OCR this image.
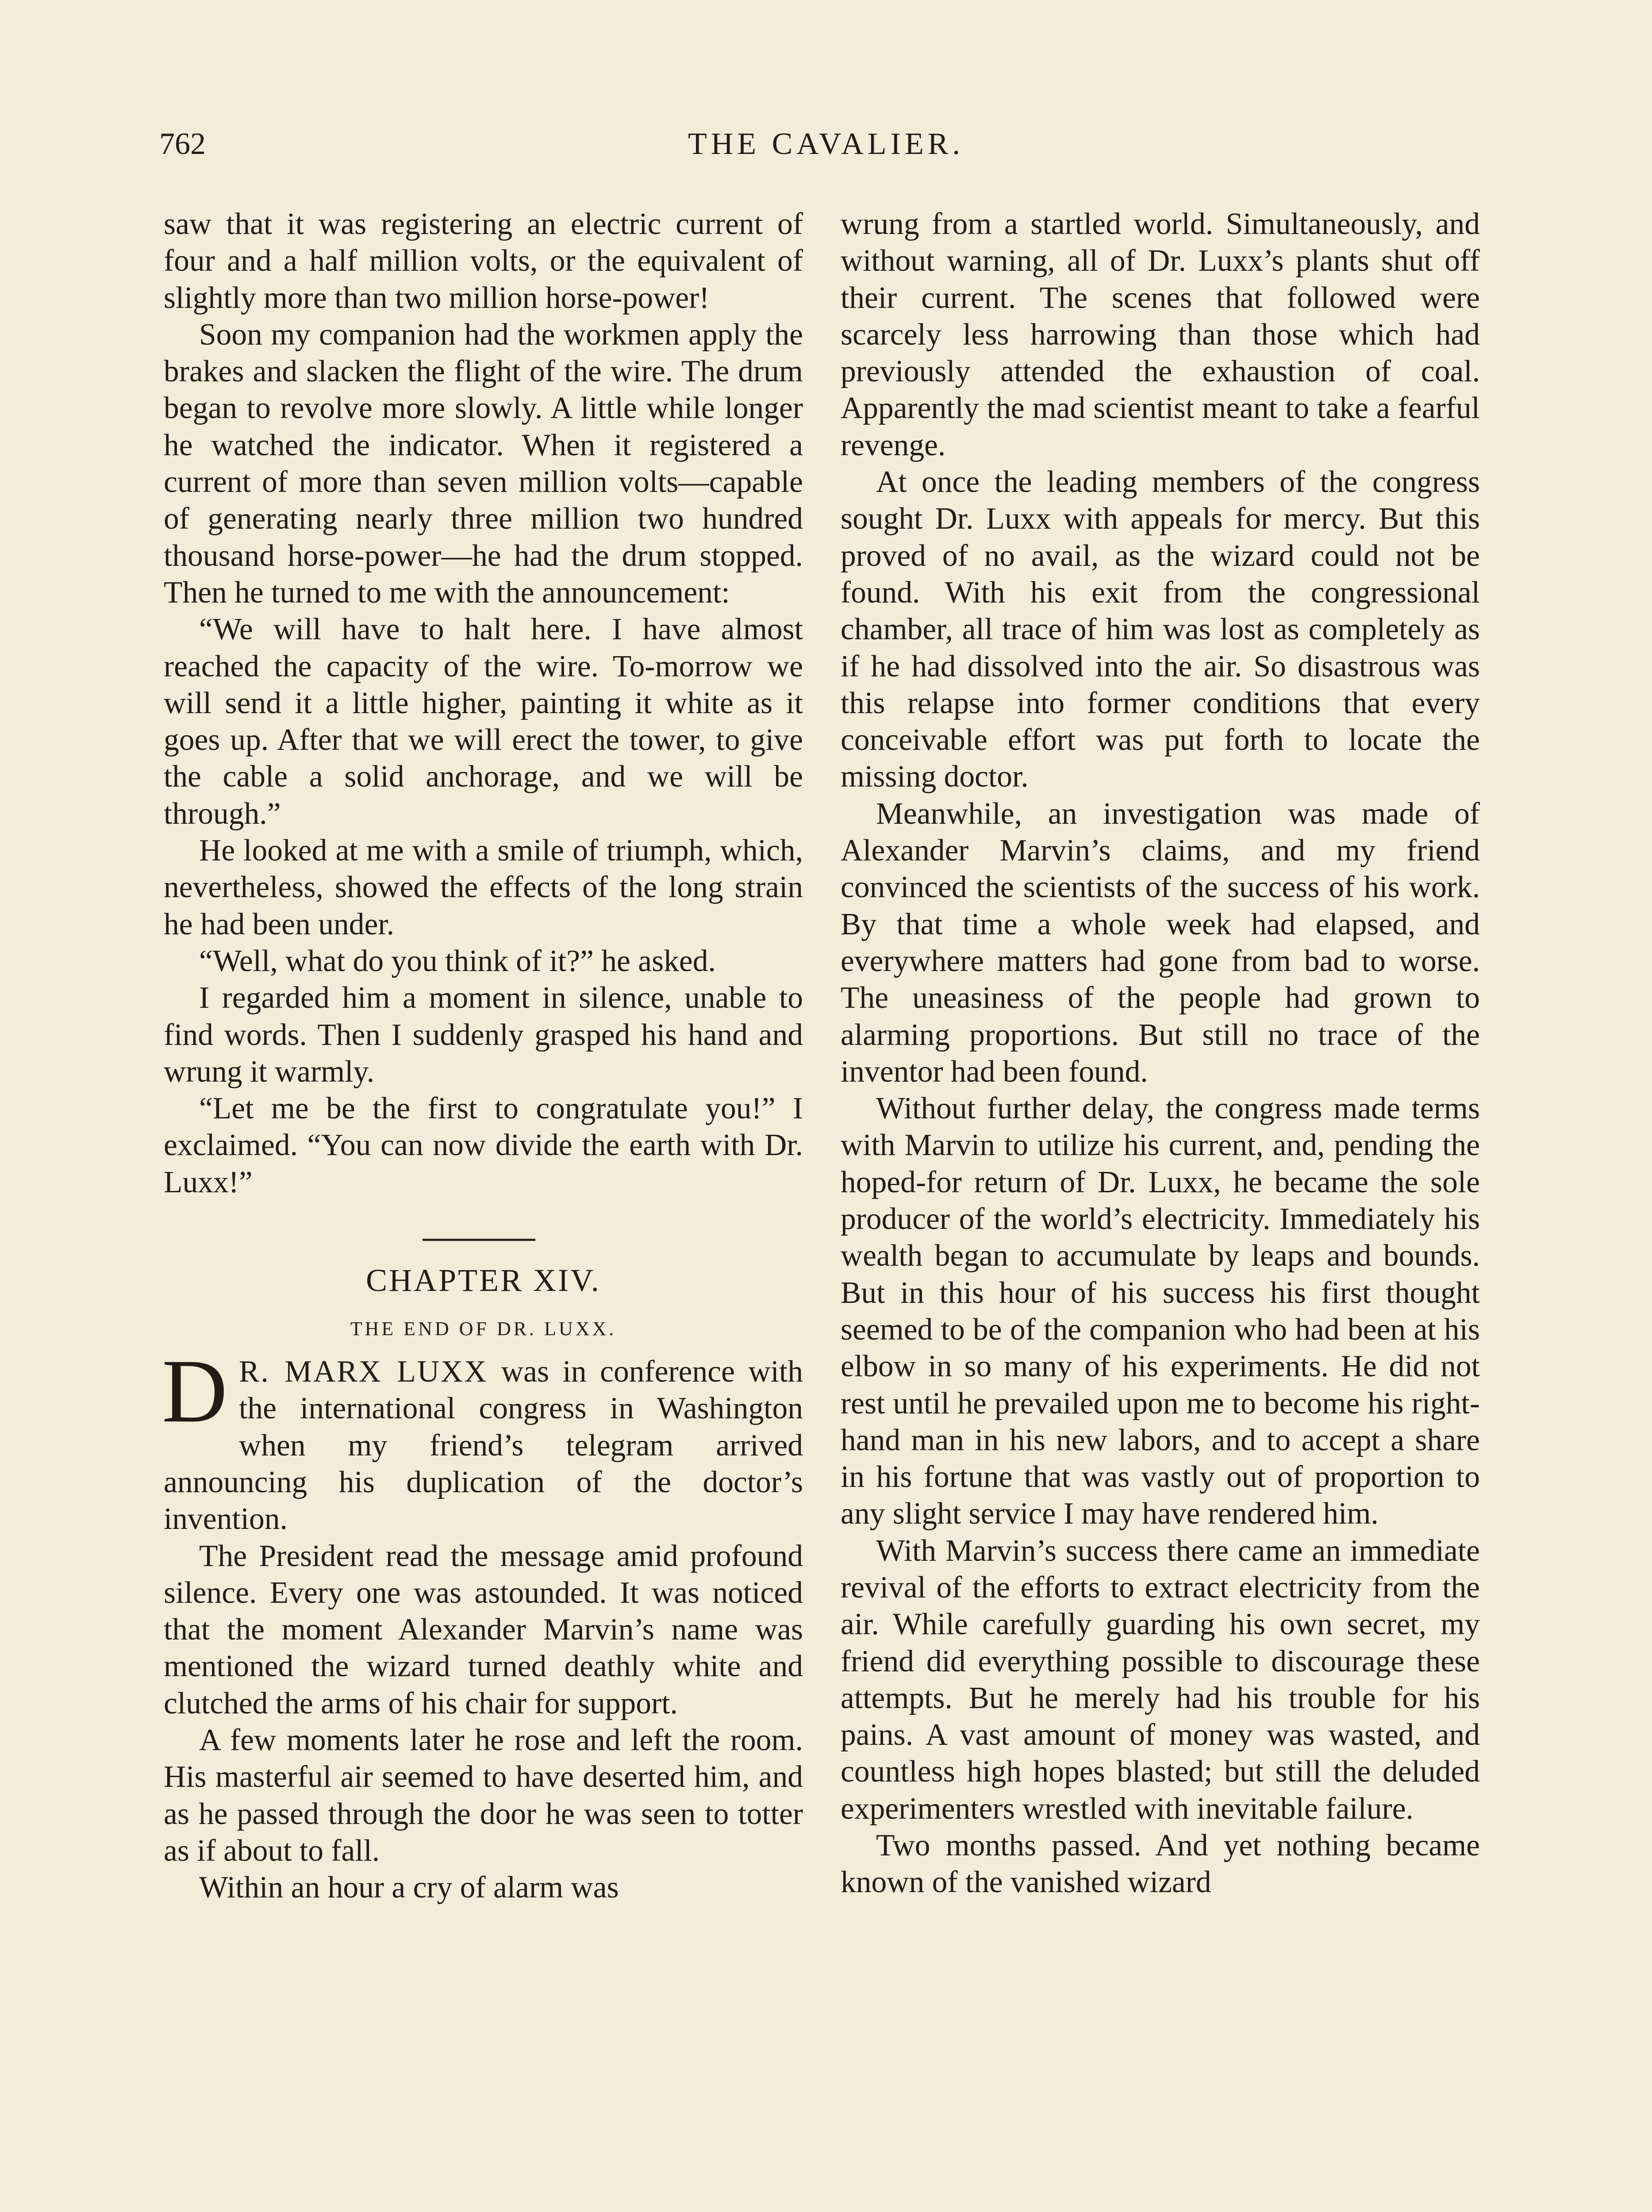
762	THE CAVALIER.

saw that it was registering an electric current of four and a half million volts, or the equivalent of slightly more than two million horse-power!

Soon my companion had the workmen apply the brakes and slacken the flight of the wire. The drum began to revolve more slowly. A little while longer he watched the indicator. When it registered a current of more than seven million volts—capable of generating nearly three million two hundred thousand horse-power—he had the drum stopped. Then he turned to me with the announcement:

“We will have to halt here. I have almost reached the capacity of the wire. To-morrow we will send it a little higher, painting it white as it goes up. After that we will erect the tower, to give the cable a solid anchorage, and we will be through.”

He looked at me with a smile of triumph, which, nevertheless, showed the effects of the long strain he had been under.

“Well, what do you think of it?” he asked.

I regarded him a moment in silence, unable to find words. Then I suddenly grasped his hand and wrung it warmly.

“Let me be the first to congratulate you!” I exclaimed. “You can now divide the earth with Dr. Luxx!”

CHAPTER XIV.
THE END OF DR. LUXX.

D R. MARX LUXX was in conference with the international congress in Washington when my friend’s telegram arrived announcing his duplication of the doctor’s invention.

The President read the message amid profound silence. Every one was astounded. It was noticed that the moment Alexander Marvin’s name was mentioned the wizard turned deathly white and clutched the arms of his chair for support.

A few moments later he rose and left the room. His masterful air seemed to have deserted him, and as he passed through the door he was seen to totter as if about to fall.

Within an hour a cry of alarm was

wrung from a startled world. Simultaneously, and without warning, all of Dr. Luxx’s plants shut off their current. The scenes that followed were scarcely less harrowing than those which had previously attended the exhaustion of coal. Apparently the mad scientist meant to take a fearful revenge.

At once the leading members of the congress sought Dr. Luxx with appeals for mercy. But this proved of no avail, as the wizard could not be found. With his exit from the congressional chamber, all trace of him was lost as completely as if he had dissolved into the air. So disastrous was this relapse into former conditions that every conceivable effort was put forth to locate the missing doctor.

Meanwhile, an investigation was made of Alexander Marvin’s claims, and my friend convinced the scientists of the success of his work. By that time a whole week had elapsed, and everywhere matters had gone from bad to worse. The uneasiness of the people had grown to alarming proportions. But still no trace of the inventor had been found.

Without further delay, the congress made terms with Marvin to utilize his current, and, pending the hoped-for return of Dr. Luxx, he became the sole producer of the world’s electricity. Immediately his wealth began to accumulate by leaps and bounds. But in this hour of his success his first thought seemed to be of the companion who had been at his elbow in so many of his experiments. He did not rest until he prevailed upon me to become his right-hand man in his new labors, and to accept a share in his fortune that was vastly out of proportion to any slight service I may have rendered him.

With Marvin’s success there came an immediate revival of the efforts to extract electricity from the air. While carefully guarding his own secret, my friend did everything possible to discourage these attempts. But he merely had his trouble for his pains. A vast amount of money was wasted, and countless high hopes blasted; but still the deluded experimenters wrestled with inevitable failure.

Two months passed. And yet nothing became known of the vanished wizard
